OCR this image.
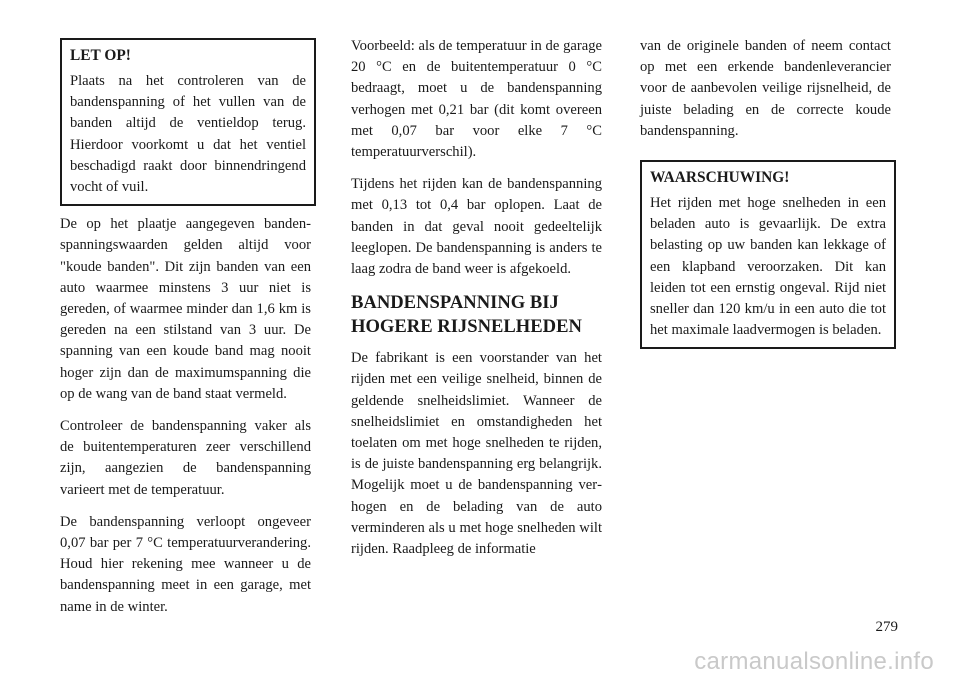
LET OP!

Plaats na het controleren van de bandenspanning of het vullen van de banden altijd de ventieldop terug. Hierdoor voorkomt u dat het ventiel beschadigd raakt door binnendringend vocht of vuil.

De op het plaatje aangegeven bandenspanningswaarden gelden altijd voor "koude banden". Dit zijn banden van een auto waarmee minstens 3 uur niet is gereden, of waarmee minder dan 1,6 km is gereden na een stilstand van 3 uur. De spanning van een koude band mag nooit hoger zijn dan de maximumspanning die op de wang van de band staat vermeld.

Controleer de bandenspanning vaker als de buitentemperaturen zeer verschillend zijn, aangezien de bandenspanning varieert met de temperatuur.

De bandenspanning verloopt ongeveer 0,07 bar per 7 °C temperatuurverandering. Houd hier rekening mee wanneer u de bandenspanning meet in een garage, met name in de winter.

Voorbeeld: als de temperatuur in de garage 20 °C en de buitentemperatuur 0 °C bedraagt, moet u de bandenspanning verhogen met 0,21 bar (dit komt overeen met 0,07 bar voor elke 7 °C temperatuurverschil).

Tijdens het rijden kan de bandenspanning met 0,13 tot 0,4 bar oplopen. Laat de banden in dat geval nooit gedeeltelijk leeglopen. De bandenspanning is anders te laag zodra de band weer is afgekoeld.

BANDENSPANNING BIJ
HOGERE RIJSNELHEDEN

De fabrikant is een voorstander van het rijden met een veilige snelheid, binnen de geldende snelheidslimiet. Wanneer de snelheidslimiet en omstandigheden het toelaten om met hoge snelheden te rijden, is de juiste bandenspanning erg belangrijk. Mogelijk moet u de bandenspanning verhogen en de belading van de auto verminderen als u met hoge snelheden wilt rijden. Raadpleeg de informatie

van de originele banden of neem contact op met een erkende bandenleverancier voor de aanbevolen veilige rijsnelheid, de juiste belading en de correcte koude bandenspanning.

WAARSCHUWING!

Het rijden met hoge snelheden in een beladen auto is gevaarlijk. De extra belasting op uw banden kan lekkage of een klapband veroorzaken. Dit kan leiden tot een ernstig ongeval. Rijd niet sneller dan 120 km/u in een auto die tot het maximale laadvermogen is beladen.

279
carmanualsonline.info
